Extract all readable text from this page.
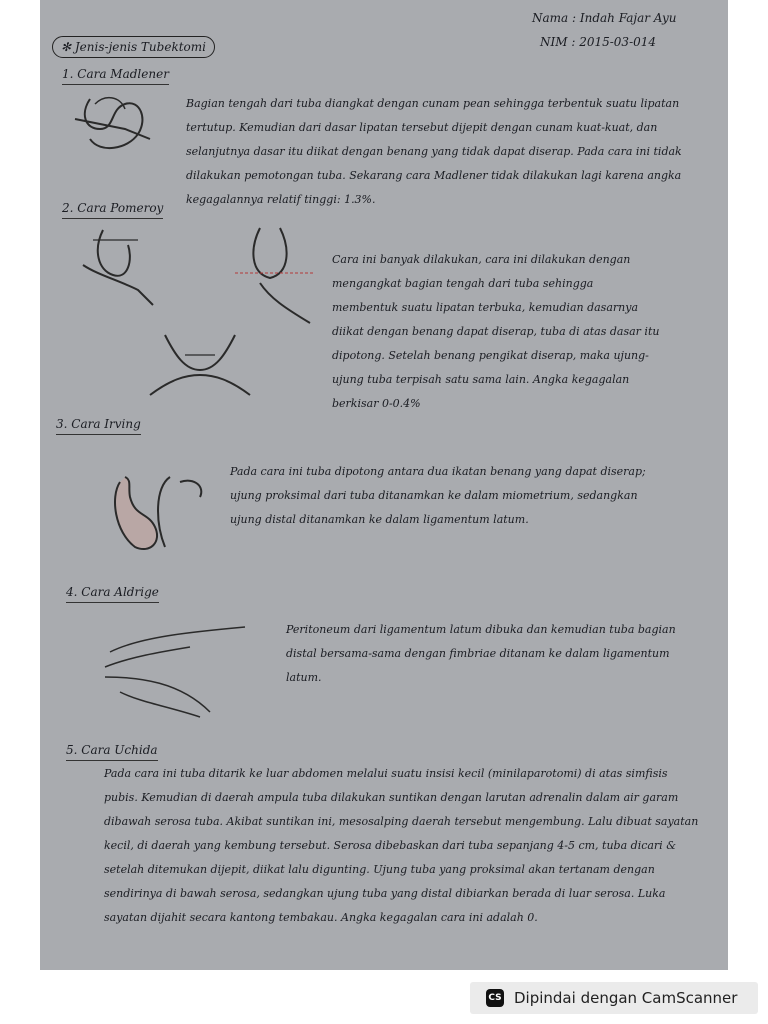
Nama : Indah Fajar Ayu
NIM : 2015-03-014
✻ Jenis-jenis Tubektomi
1. Cara Madlener
Bagian tengah dari tuba diangkat dengan cunam pean sehingga terbentuk suatu lipatan tertutup. Kemudian dari dasar lipatan tersebut dijepit dengan cunam kuat-kuat, dan selanjutnya dasar itu diikat dengan benang yang tidak dapat diserap. Pada cara ini tidak dilakukan pemotongan tuba. Sekarang cara Madlener tidak dilakukan lagi karena angka kegagalannya relatif tinggi: 1.3%.
2. Cara Pomeroy
Cara ini banyak dilakukan, cara ini dilakukan dengan mengangkat bagian tengah dari tuba sehingga membentuk suatu lipatan terbuka, kemudian dasarnya diikat dengan benang dapat diserap, tuba di atas dasar itu dipotong. Setelah benang pengikat diserap, maka ujung-ujung tuba terpisah satu sama lain. Angka kegagalan berkisar 0-0.4%
3. Cara Irving
Pada cara ini tuba dipotong antara dua ikatan benang yang dapat diserap; ujung proksimal dari tuba ditanamkan ke dalam miometrium, sedangkan ujung distal ditanamkan ke dalam ligamentum latum.
4. Cara Aldrige
Peritoneum dari ligamentum latum dibuka dan kemudian tuba bagian distal bersama-sama dengan fimbriae ditanam ke dalam ligamentum latum.
5. Cara Uchida
Pada cara ini tuba ditarik ke luar abdomen melalui suatu insisi kecil (minilaparotomi) di atas simfisis pubis. Kemudian di daerah ampula tuba dilakukan suntikan dengan larutan adrenalin dalam air garam dibawah serosa tuba. Akibat suntikan ini, mesosalping daerah tersebut mengembung. Lalu dibuat sayatan kecil, di daerah yang kembung tersebut. Serosa dibebaskan dari tuba sepanjang 4-5 cm, tuba dicari & setelah ditemukan dijepit, diikat lalu digunting. Ujung tuba yang proksimal akan tertanam dengan sendirinya di bawah serosa, sedangkan ujung tuba yang distal dibiarkan berada di luar serosa. Luka sayatan dijahit secara kantong tembakau. Angka kegagalan cara ini adalah 0.
CS Dipindai dengan CamScanner
